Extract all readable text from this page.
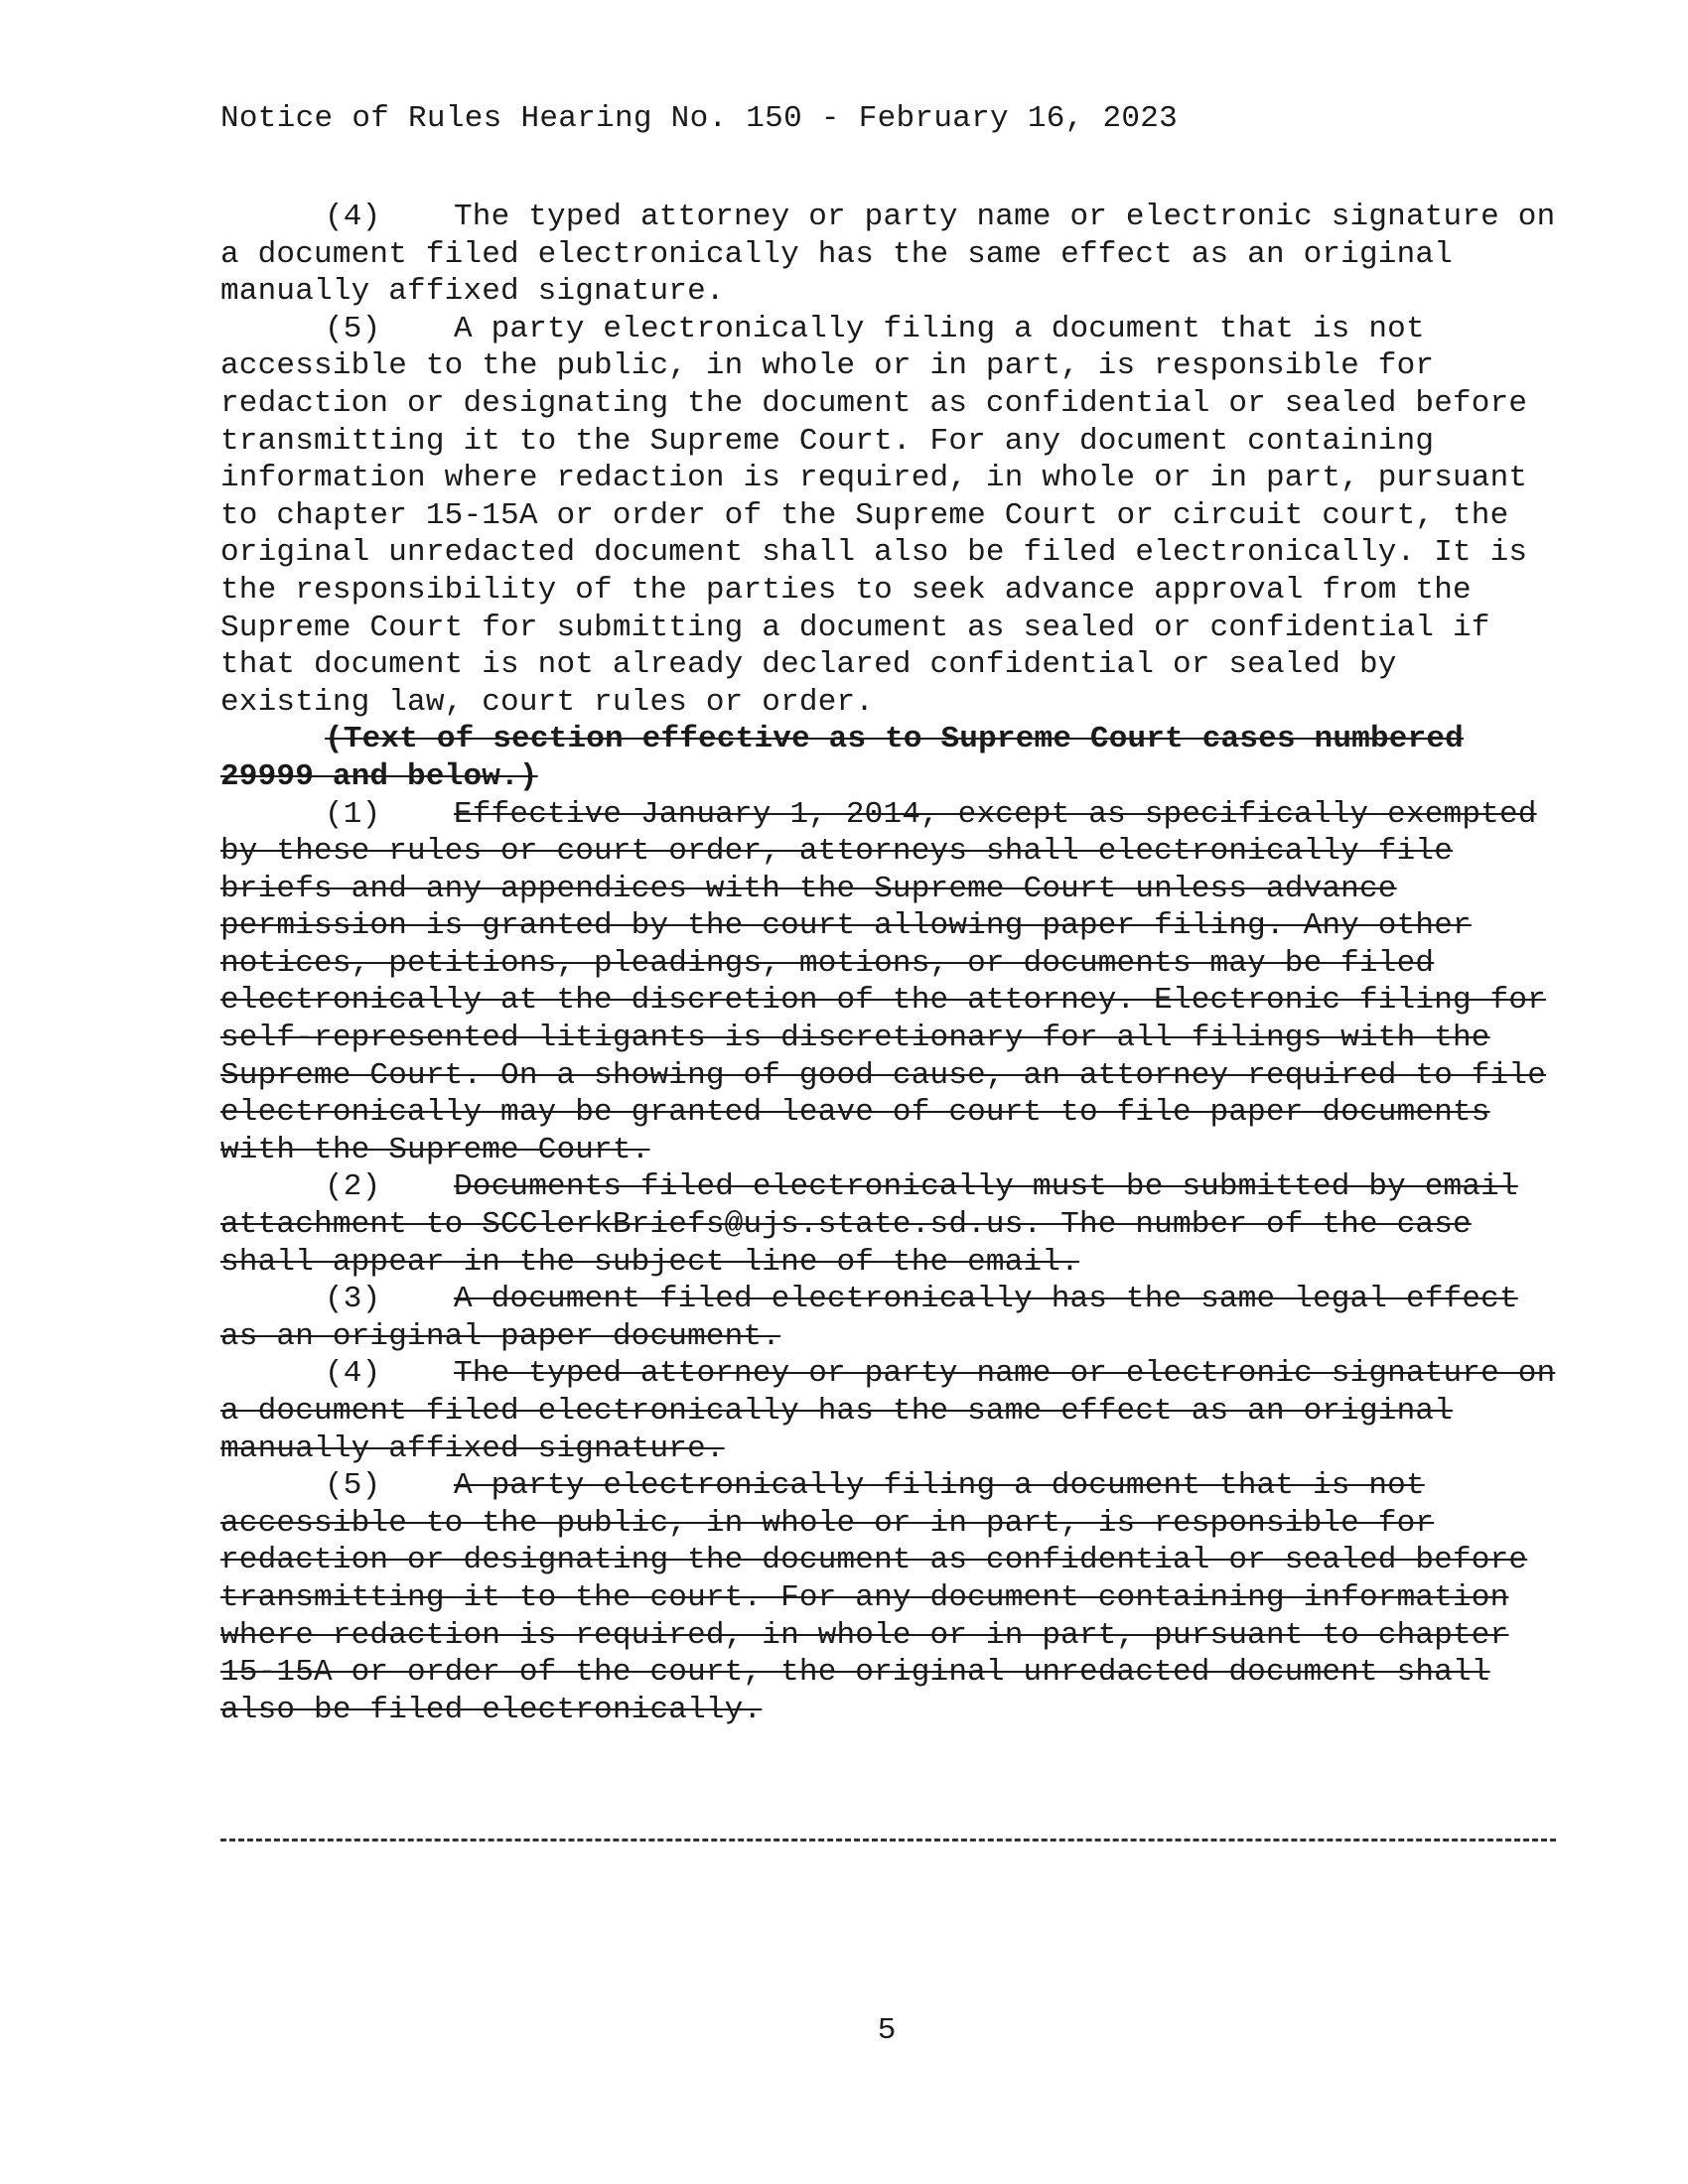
Notice of Rules Hearing No. 150 - February 16, 2023

(4) The typed attorney or party name or electronic signature on a document filed electronically has the same effect as an original manually affixed signature.

(5) A party electronically filing a document that is not accessible to the public, in whole or in part, is responsible for redaction or designating the document as confidential or sealed before transmitting it to the Supreme Court. For any document containing information where redaction is required, in whole or in part, pursuant to chapter 15-15A or order of the Supreme Court or circuit court, the original unredacted document shall also be filed electronically. It is the responsibility of the parties to seek advance approval from the Supreme Court for submitting a document as sealed or confidential if that document is not already declared confidential or sealed by existing law, court rules or order.

(Text of section effective as to Supreme Court cases numbered 29999 and below.)

(1) Effective January 1, 2014, except as specifically exempted by these rules or court order, attorneys shall electronically file briefs and any appendices with the Supreme Court unless advance permission is granted by the court allowing paper filing. Any other notices, petitions, pleadings, motions, or documents may be filed electronically at the discretion of the attorney. Electronic filing for self-represented litigants is discretionary for all filings with the Supreme Court. On a showing of good cause, an attorney required to file electronically may be granted leave of court to file paper documents with the Supreme Court.

(2) Documents filed electronically must be submitted by email attachment to SCClerkBriefs@ujs.state.sd.us. The number of the case shall appear in the subject line of the email.

(3) A document filed electronically has the same legal effect as an original paper document.

(4) The typed attorney or party name or electronic signature on a document filed electronically has the same effect as an original manually affixed signature.

(5) A party electronically filing a document that is not accessible to the public, in whole or in part, is responsible for redaction or designating the document as confidential or sealed before transmitting it to the court. For any document containing information where redaction is required, in whole or in part, pursuant to chapter 15-15A or order of the court, the original unredacted document shall also be filed electronically.

5
